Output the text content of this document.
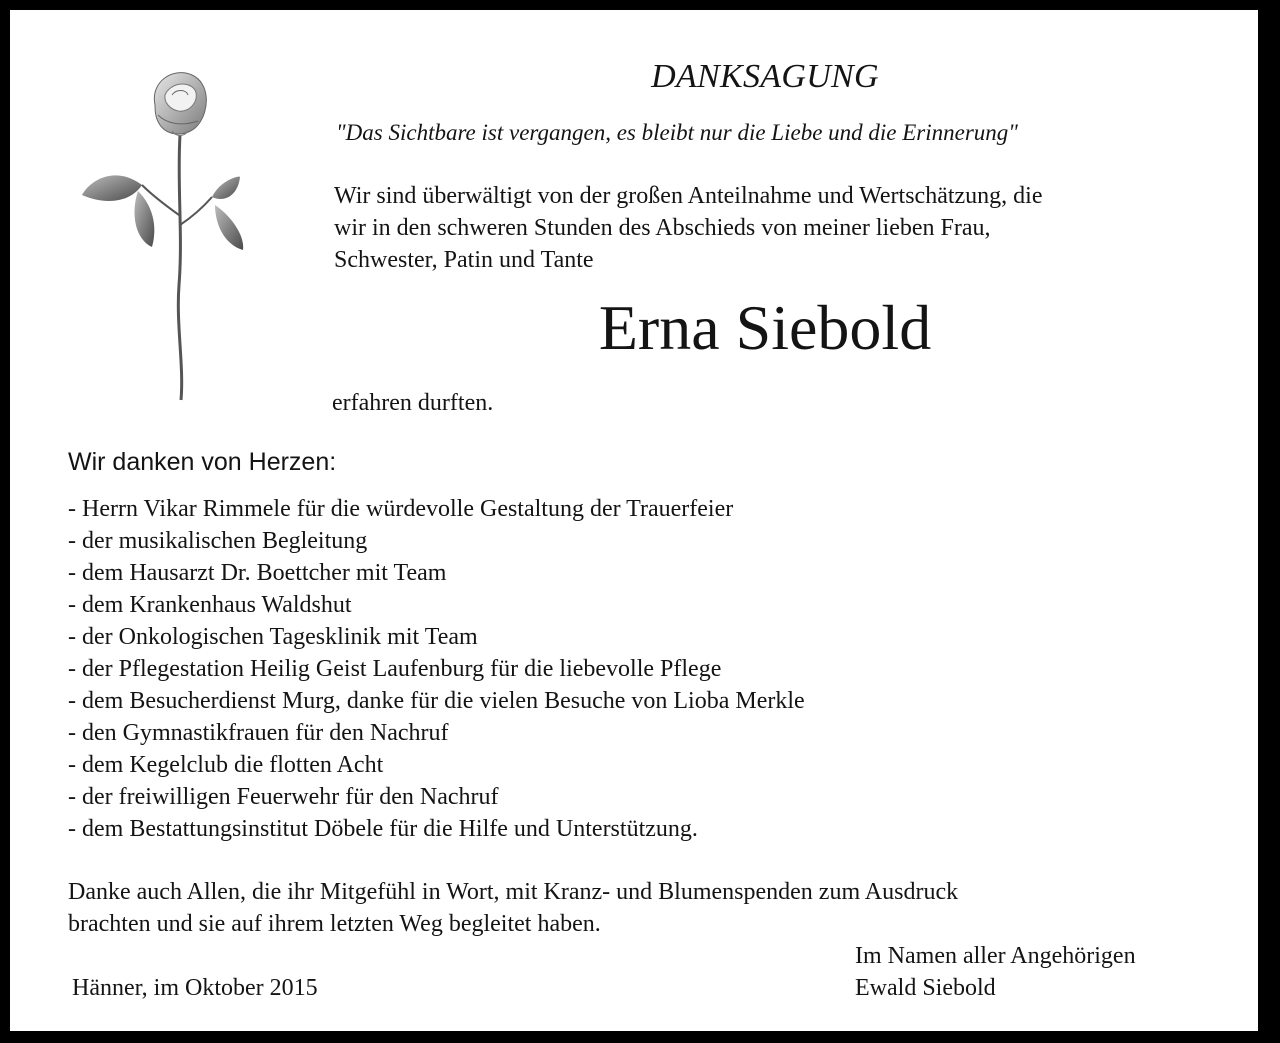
DANKSAGUNG
"Das Sichtbare ist vergangen, es bleibt nur die Liebe und die Erinnerung"
Wir sind überwältigt von der großen Anteilnahme und Wertschätzung, die
wir in den schweren Stunden des Abschieds von meiner lieben Frau,
Schwester, Patin und Tante
Erna Siebold
erfahren durften.
Wir danken von Herzen:
- Herrn Vikar Rimmele für die würdevolle Gestaltung der Trauerfeier
- der musikalischen Begleitung
- dem Hausarzt Dr. Boettcher mit Team
- dem Krankenhaus Waldshut
- der Onkologischen Tagesklinik mit Team
- der Pflegestation Heilig Geist Laufenburg für die liebevolle Pflege
- dem Besucherdienst Murg, danke für die vielen Besuche von Lioba Merkle
- den Gymnastikfrauen für den Nachruf
- dem Kegelclub die flotten Acht
- der freiwilligen Feuerwehr für den Nachruf
- dem Bestattungsinstitut Döbele für die Hilfe und Unterstützung.
Danke auch Allen, die ihr Mitgefühl in Wort, mit Kranz- und Blumenspenden zum Ausdruck
brachten und sie auf ihrem letzten Weg begleitet haben.
Im Namen aller Angehörigen
Ewald Siebold
Hänner, im Oktober 2015
